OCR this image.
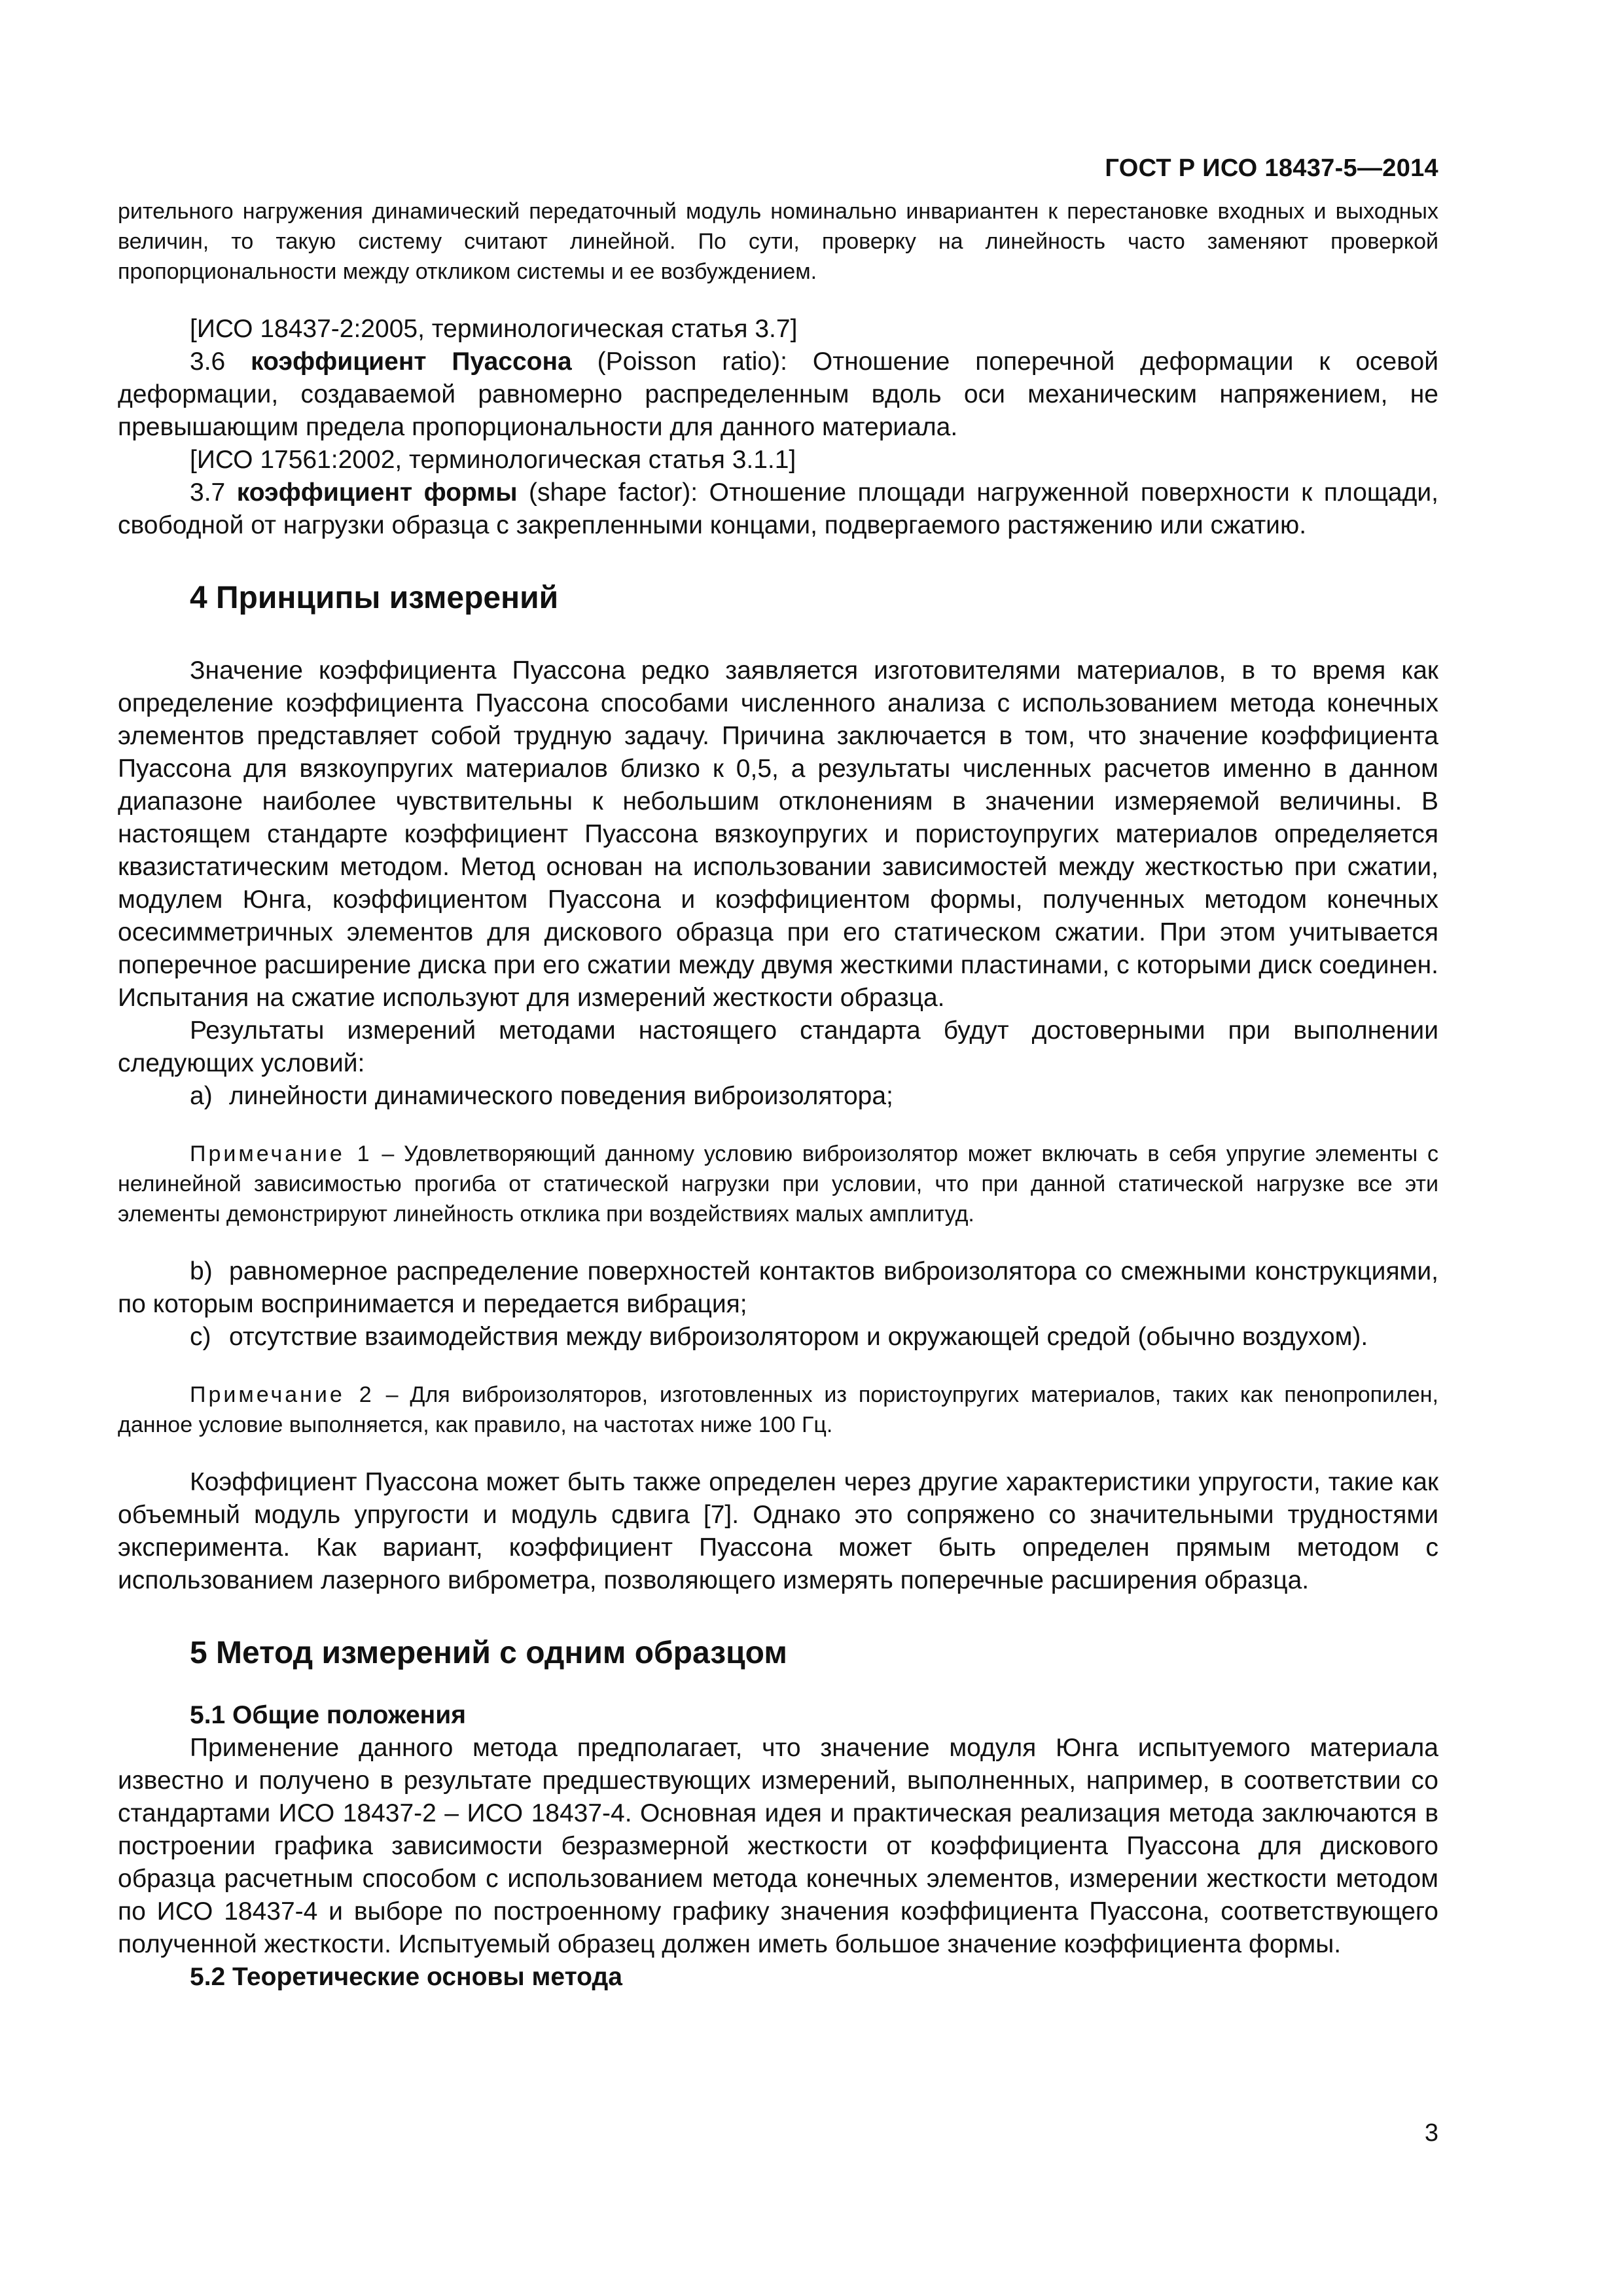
ГОСТ Р ИСО 18437-5—2014

рительного нагружения динамический передаточный модуль номинально инвариантен к перестановке входных и выходных величин, то такую систему считают линейной. По сути, проверку на линейность часто заменяют проверкой пропорциональности между откликом системы и ее возбуждением.

[ИСО 18437-2:2005, терминологическая статья 3.7]

3.6 коэффициент Пуассона (Poisson ratio): Отношение поперечной деформации к осевой деформации, создаваемой равномерно распределенным вдоль оси механическим напряжением, не превышающим предела пропорциональности для данного материала.

[ИСО 17561:2002, терминологическая статья 3.1.1]

3.7 коэффициент формы (shape factor): Отношение площади нагруженной поверхности к площади, свободной от нагрузки образца с закрепленными концами, подвергаемого растяжению или сжатию.

4 Принципы измерений

Значение коэффициента Пуассона редко заявляется изготовителями материалов, в то время как определение коэффициента Пуассона способами численного анализа с использованием метода конечных элементов представляет собой трудную задачу. Причина заключается в том, что значение коэффициента Пуассона для вязкоупругих материалов близко к 0,5, а результаты численных расчетов именно в данном диапазоне наиболее чувствительны к небольшим отклонениям в значении измеряемой величины. В настоящем стандарте коэффициент Пуассона вязкоупругих и пористоупругих материалов определяется квазистатическим методом. Метод основан на использовании зависимостей между жесткостью при сжатии, модулем Юнга, коэффициентом Пуассона и коэффициентом формы, полученных методом конечных осесимметричных элементов для дискового образца при его статическом сжатии. При этом учитывается поперечное расширение диска при его сжатии между двумя жесткими пластинами, с которыми диск соединен. Испытания на сжатие используют для измерений жесткости образца.

Результаты измерений методами настоящего стандарта будут достоверными при выполнении следующих условий:

а) линейности динамического поведения виброизолятора;

Примечание 1 – Удовлетворяющий данному условию виброизолятор может включать в себя упругие элементы с нелинейной зависимостью прогиба от статической нагрузки при условии, что при данной статической нагрузке все эти элементы демонстрируют линейность отклика при воздействиях малых амплитуд.

b) равномерное распределение поверхностей контактов виброизолятора со смежными конструкциями, по которым воспринимается и передается вибрация;

с) отсутствие взаимодействия между виброизолятором и окружающей средой (обычно воздухом).

Примечание 2 – Для виброизоляторов, изготовленных из пористоупругих материалов, таких как пенопропилен, данное условие выполняется, как правило, на частотах ниже 100 Гц.

Коэффициент Пуассона может быть также определен через другие характеристики упругости, такие как объемный модуль упругости и модуль сдвига [7]. Однако это сопряжено со значительными трудностями эксперимента. Как вариант, коэффициент Пуассона может быть определен прямым методом с использованием лазерного виброметра, позволяющего измерять поперечные расширения образца.

5 Метод измерений с одним образцом
5.1 Общие положения

Применение данного метода предполагает, что значение модуля Юнга испытуемого материала известно и получено в результате предшествующих измерений, выполненных, например, в соответствии со стандартами ИСО 18437-2 – ИСО 18437-4. Основная идея и практическая реализация метода заключаются в построении графика зависимости безразмерной жесткости от коэффициента Пуассона для дискового образца расчетным способом с использованием метода конечных элементов, измерении жесткости методом по ИСО 18437-4 и выборе по построенному графику значения коэффициента Пуассона, соответствующего полученной жесткости. Испытуемый образец должен иметь большое значение коэффициента формы.

5.2 Теоретические основы метода
3
